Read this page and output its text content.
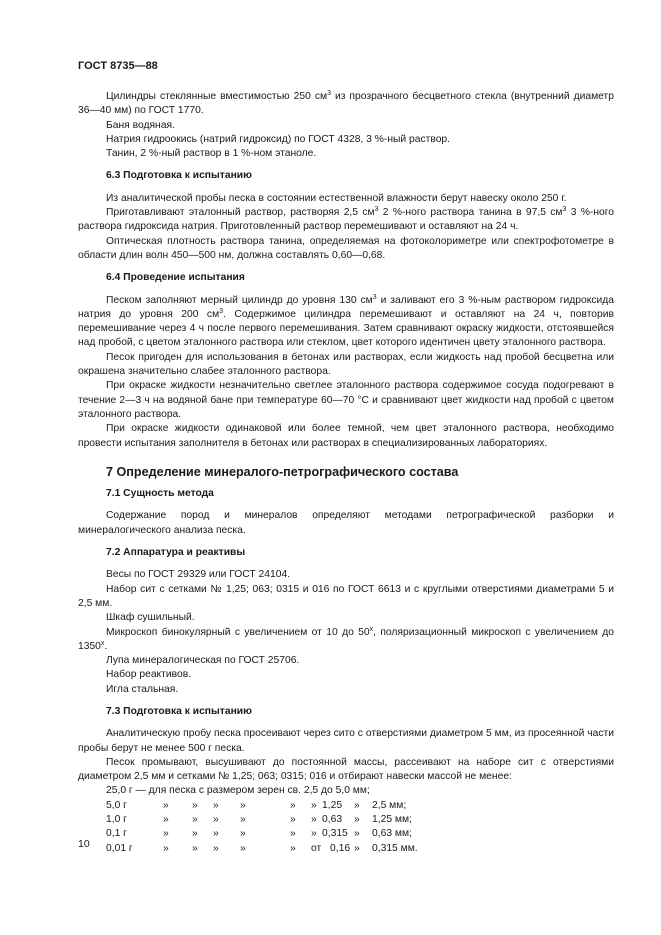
ГОСТ 8735—88

Цилиндры стеклянные вместимостью 250 $см^3$ из прозрачного бесцветного стекла (внутренний диаметр 36—40 мм) по ГОСТ 1770.

Баня водяная.

Натрия гидроокись (натрий гидроксид) по ГОСТ 4328, 3 %-ный раствор.

Танин, 2 %-ный раствор в 1 %-ном этаноле.

6.3 Подготовка к испытанию

Из аналитической пробы песка в состоянии естественной влажности берут навеску около 250 г.

Приготавливают эталонный раствор, растворяя 2,5 $см^3$ 2 %-ного раствора танина в 97,5 $см^3$ 3 %-ного раствора гидроксида натрия. Приготовленный раствор перемешивают и оставляют на 24 ч.

Оптическая плотность раствора танина, определяемая на фотоколориметре или спектрофотометре в области длин волн 450—500 нм, должна составлять 0,60—0,68.

6.4 Проведение испытания

Песком заполняют мерный цилиндр до уровня 130 $см^3$ и заливают его 3 %-ным раствором гидроксида натрия до уровня 200 $см^3$. Содержимое цилиндра перемешивают и оставляют на 24 ч, повторив перемешивание через 4 ч после первого перемешивания. Затем сравнивают окраску жидкости, отстоявшейся над пробой, с цветом эталонного раствора или стеклом, цвет которого идентичен цвету эталонного раствора.

Песок пригоден для использования в бетонах или растворах, если жидкость над пробой бесцветна или окрашена значительно слабее эталонного раствора.

При окраске жидкости незначительно светлее эталонного раствора содержимое сосуда подогревают в течение 2—3 ч на водяной бане при температуре 60—70 °С и сравнивают цвет жидкости над пробой с цветом эталонного раствора.

При окраске жидкости одинаковой или более темной, чем цвет эталонного раствора, необходимо провести испытания заполнителя в бетонах или растворах в специализированных лабораториях.

7 Определение минералого-петрографического состава

7.1 Сущность метода

Содержание пород и минералов определяют методами петрографической разборки и минералогического анализа песка.

7.2 Аппаратура и реактивы

Весы по ГОСТ 29329 или ГОСТ 24104.

Набор сит с сетками № 1,25; 063; 0315 и 016 по ГОСТ 6613 и с круглыми отверстиями диаметрами 5 и 2,5 мм.

Шкаф сушильный.

Микроскоп бинокулярный с увеличением от 10 до $50^х$, поляризационный микроскоп с увеличением до $1350^х$.

Лупа минералогическая по ГОСТ 25706.

Набор реактивов.

Игла стальная.

7.3 Подготовка к испытанию

Аналитическую пробу песка просеивают через сито с отверстиями диаметром 5 мм, из просеянной части пробы берут не менее 500 г песка.

Песок промывают, высушивают до постоянной массы, рассеивают на наборе сит с отверстиями диаметром 2,5 мм и сетками № 1,25; 063; 0315; 016 и отбирают навески массой не менее:

25,0 г — для песка с размером зерен св. 2,5 до 5,0 мм;
5,0 г	» » » »	» » 1,25 » 2,5 мм;
1,0 г	» » » »	» » 0,63 » 1,25 мм;
0,1 г	» » » »	» » 0,315 » 0,63 мм;
0,01 г	» » » »	» от 0,16 » 0,315 мм.
10
